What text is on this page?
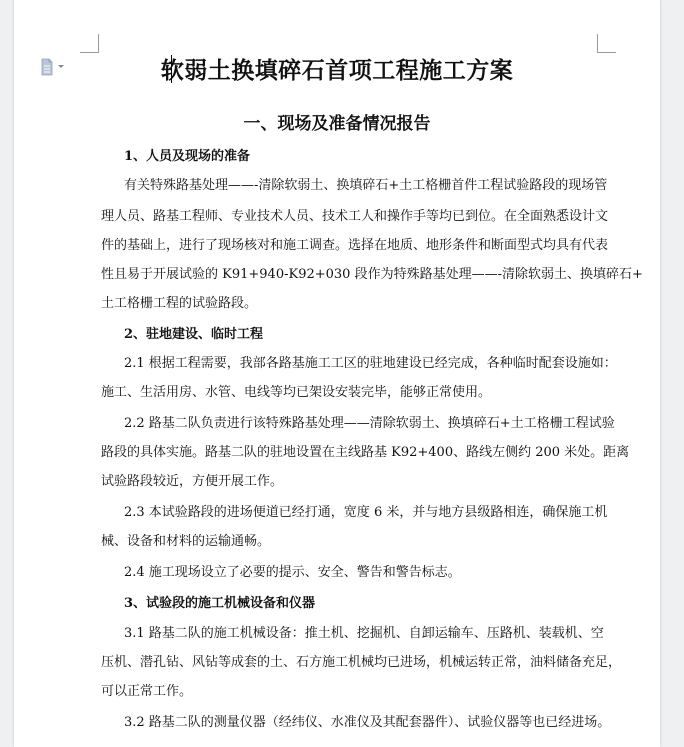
软弱土换填碎石首项工程施工方案
一、现场及准备情况报告
1、人员及现场的准备
有关特殊路基处理——-清除软弱土、换填碎石+土工格栅首件工程试验路段的现场管
理人员、路基工程师、专业技术人员、技术工人和操作手等均已到位。在全面熟悉设计文
件的基础上，进行了现场核对和施工调查。选择在地质、地形条件和断面型式均具有代表
性且易于开展试验的 K91+940-K92+030 段作为特殊路基处理——-清除软弱土、换填碎石+
土工格栅工程的试验路段。
2、驻地建设、临时工程
2.1 根据工程需要，我部各路基施工工区的驻地建设已经完成，各种临时配套设施如：
施工、生活用房、水管、电线等均已架设安装完毕，能够正常使用。
2.2 路基二队负责进行该特殊路基处理——清除软弱土、换填碎石+土工格栅工程试验
路段的具体实施。路基二队的驻地设置在主线路基 K92+400、路线左侧约 200 米处。距离
试验路段较近，方便开展工作。
2.3 本试验路段的进场便道已经打通，宽度 6 米，并与地方县级路相连，确保施工机
械、设备和材料的运输通畅。
2.4 施工现场设立了必要的提示、安全、警告和警告标志。
3、试验段的施工机械设备和仪器
3.1 路基二队的施工机械设备：推土机、挖掘机、自卸运输车、压路机、装载机、空
压机、潜孔钻、风钻等成套的土、石方施工机械均已进场，机械运转正常，油料储备充足，
可以正常工作。
3.2 路基二队的测量仪器（经纬仪、水准仪及其配套器件）、试验仪器等也已经进场。
